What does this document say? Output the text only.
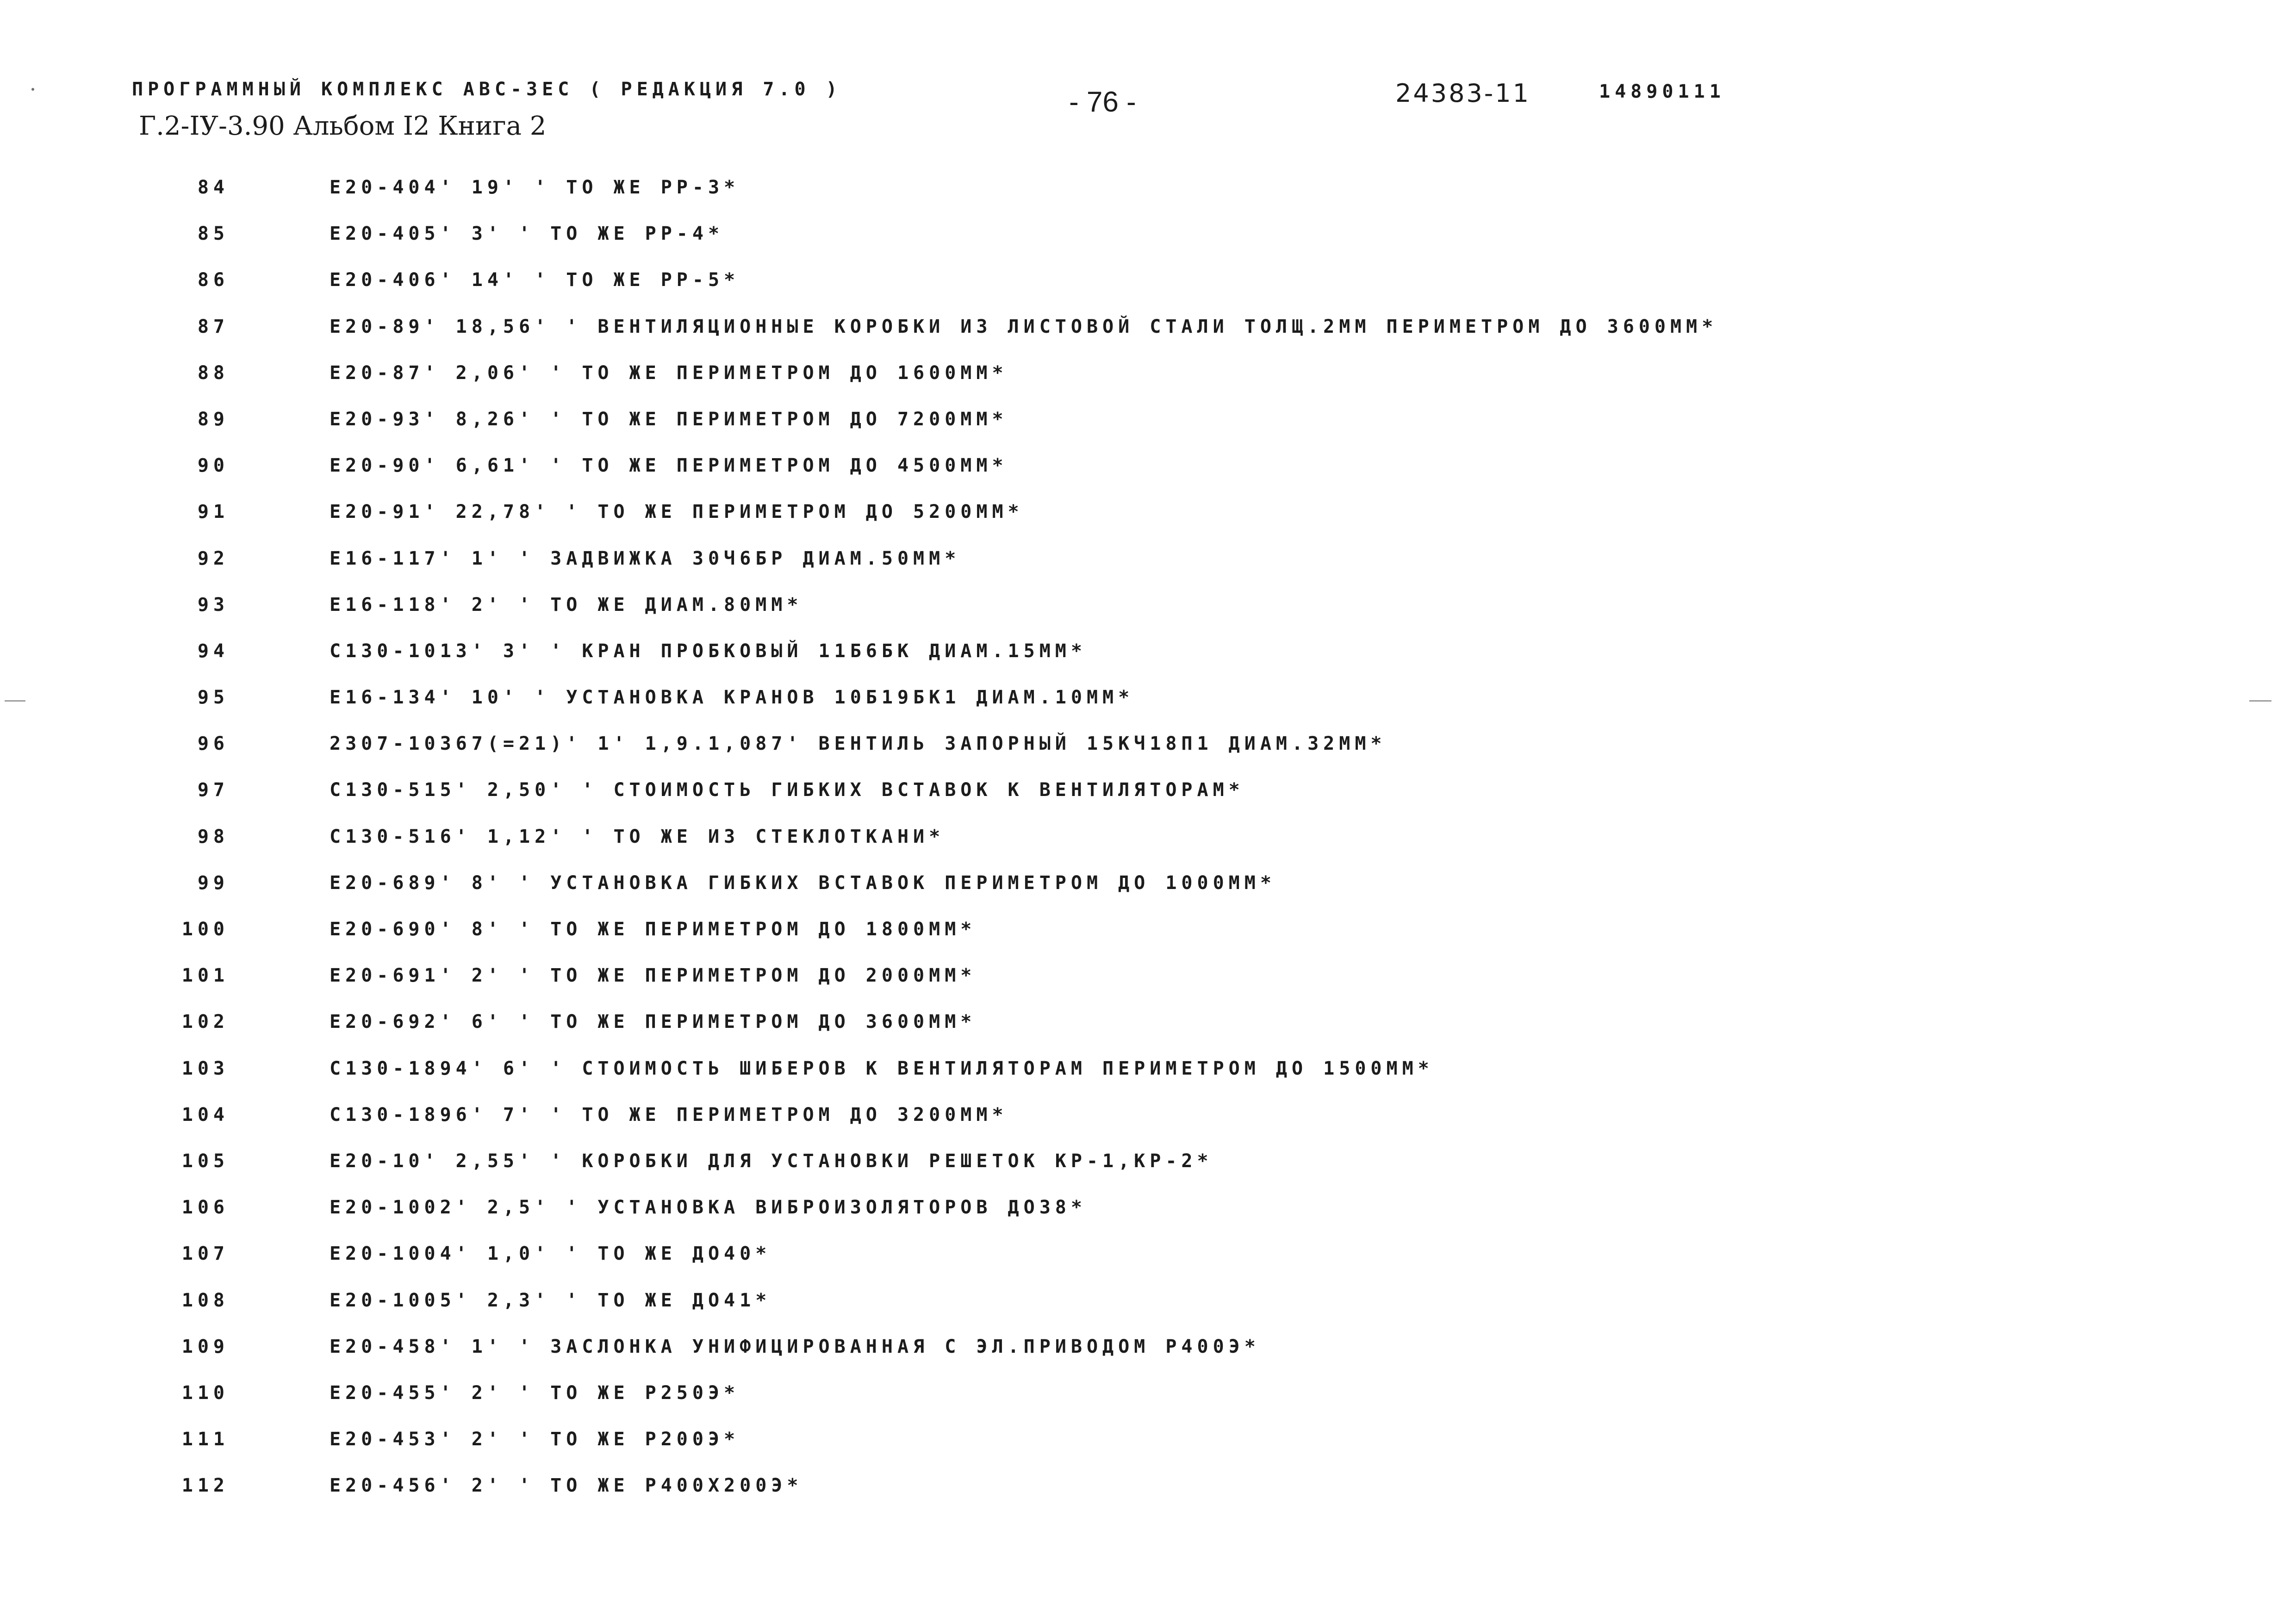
ПРОГРАММНЫЙ КОМПЛЕКС АВС-3ЕС ( РЕДАКЦИЯ 7.0 )
Г.2-IУ-3.90 Альбом I2 Книга 2
- 76 -	24383-11	14890111
84	Е20-404' 19' ' ТО ЖЕ РР-3*
85	Е20-405' 3' ' ТО ЖЕ РР-4*
86	Е20-406' 14' ' ТО ЖЕ РР-5*
87	Е20-89' 18,56' ' ВЕНТИЛЯЦИОННЫЕ КОРОБКИ ИЗ ЛИСТОВОЙ СТАЛИ ТОЛЩ.2ММ ПЕРИМЕТРОМ ДО 3600ММ*
88	Е20-87' 2,06' ' ТО ЖЕ ПЕРИМЕТРОМ ДО 1600ММ*
89	Е20-93' 8,26' ' ТО ЖЕ ПЕРИМЕТРОМ ДО 7200ММ*
90	Е20-90' 6,61' ' ТО ЖЕ ПЕРИМЕТРОМ ДО 4500ММ*
91	Е20-91' 22,78' ' ТО ЖЕ ПЕРИМЕТРОМ ДО 5200ММ*
92	Е16-117' 1' ' ЗАДВИЖКА 30Ч6БР ДИАМ.50ММ*
93	Е16-118' 2' ' ТО ЖЕ ДИАМ.80ММ*
94	С130-1013' 3' ' КРАН ПРОБКОВЫЙ 11Б6БК ДИАМ.15ММ*
95	Е16-134' 10' ' УСТАНОВКА КРАНОВ 10Б19БК1 ДИАМ.10ММ*
96	2307-10367(=21)' 1' 1,9.1,087' ВЕНТИЛЬ ЗАПОРНЫЙ 15КЧ18П1 ДИАМ.32ММ*
97	С130-515' 2,50' ' СТОИМОСТЬ ГИБКИХ ВСТАВОК К ВЕНТИЛЯТОРАМ*
98	С130-516' 1,12' ' ТО ЖЕ ИЗ СТЕКЛОТКАНИ*
99	Е20-689' 8' ' УСТАНОВКА ГИБКИХ ВСТАВОК ПЕРИМЕТРОМ ДО 1000ММ*
100	Е20-690' 8' ' ТО ЖЕ ПЕРИМЕТРОМ ДО 1800ММ*
101	Е20-691' 2' ' ТО ЖЕ ПЕРИМЕТРОМ ДО 2000ММ*
102	Е20-692' 6' ' ТО ЖЕ ПЕРИМЕТРОМ ДО 3600ММ*
103	С130-1894' 6' ' СТОИМОСТЬ ШИБЕРОВ К ВЕНТИЛЯТОРАМ ПЕРИМЕТРОМ ДО 1500ММ*
104	С130-1896' 7' ' ТО ЖЕ ПЕРИМЕТРОМ ДО 3200ММ*
105	Е20-10' 2,55' ' КОРОБКИ ДЛЯ УСТАНОВКИ РЕШЕТОК КР-1,КР-2*
106	Е20-1002' 2,5' ' УСТАНОВКА ВИБРОИЗОЛЯТОРОВ ДО38*
107	Е20-1004' 1,0' ' ТО ЖЕ ДО40*
108	Е20-1005' 2,3' ' ТО ЖЕ ДО41*
109	Е20-458' 1' ' ЗАСЛОНКА УНИФИЦИРОВАННАЯ С ЭЛ.ПРИВОДОМ Р400Э*
110	Е20-455' 2' ' ТО ЖЕ Р250Э*
111	Е20-453' 2' ' ТО ЖЕ Р200Э*
112	Е20-456' 2' ' ТО ЖЕ Р400Х200Э*
